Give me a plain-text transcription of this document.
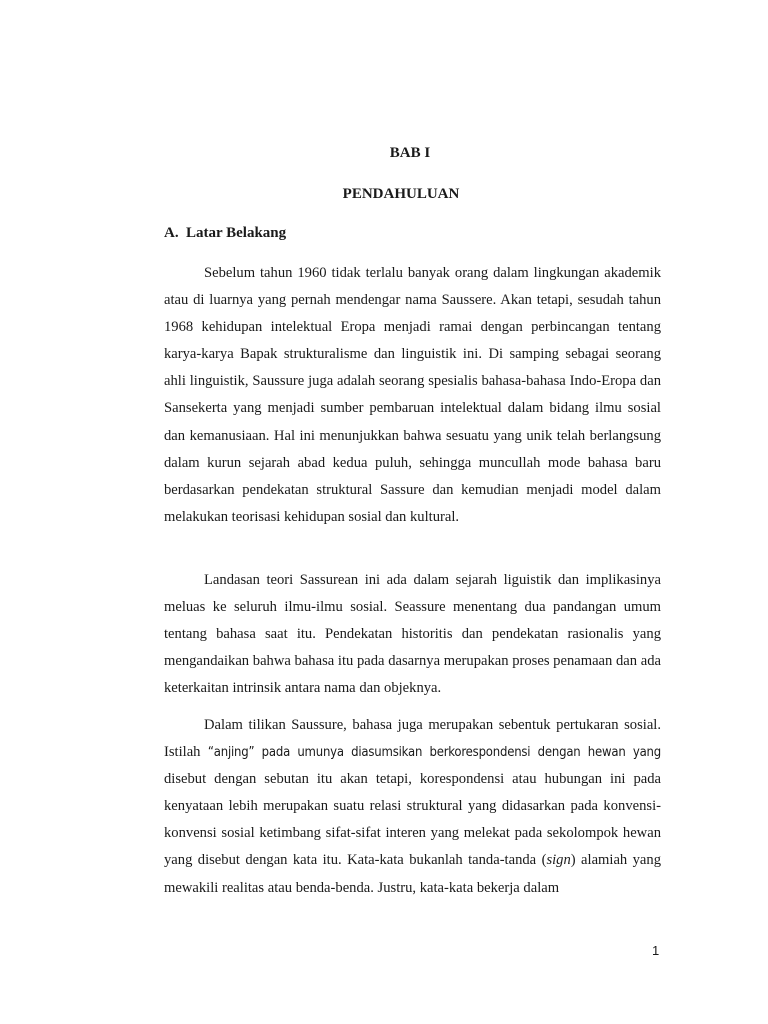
BAB I
PENDAHULUAN
A. Latar Belakang

Sebelum tahun 1960 tidak terlalu banyak orang dalam lingkungan akademik atau di luarnya yang pernah mendengar nama Saussere. Akan tetapi, sesudah tahun 1968 kehidupan intelektual Eropa menjadi ramai dengan perbincangan tentang karya-karya Bapak strukturalisme dan linguistik ini. Di samping sebagai seorang ahli linguistik, Saussure juga adalah seorang spesialis bahasa-bahasa Indo-Eropa dan Sansekerta yang menjadi sumber pembaruan intelektual dalam bidang ilmu sosial dan kemanusiaan. Hal ini menunjukkan bahwa sesuatu yang unik telah berlangsung dalam kurun sejarah abad kedua puluh, sehingga muncullah mode bahasa baru berdasarkan pendekatan struktural Sassure dan kemudian menjadi model dalam melakukan teorisasi kehidupan sosial dan kultural.

Landasan teori Sassurean ini ada dalam sejarah liguistik dan implikasinya meluas ke seluruh ilmu-ilmu sosial. Seassure menentang dua pandangan umum tentang bahasa saat itu. Pendekatan historitis dan pendekatan rasionalis yang mengandaikan bahwa bahasa itu pada dasarnya merupakan proses penamaan dan ada keterkaitan intrinsik antara nama dan objeknya.

Dalam tilikan Saussure, bahasa juga merupakan sebentuk pertukaran sosial. Istilah “anjing” pada umunya diasumsikan berkorespondensi dengan hewan yang disebut dengan sebutan itu akan tetapi, korespondensi atau hubungan ini pada kenyataan lebih merupakan suatu relasi struktural yang didasarkan pada konvensi-konvensi sosial ketimbang sifat-sifat interen yang melekat pada sekolompok hewan yang disebut dengan kata itu. Kata-kata bukanlah tanda-tanda (sign) alamiah yang mewakili realitas atau benda-benda. Justru, kata-kata bekerja dalam

1
